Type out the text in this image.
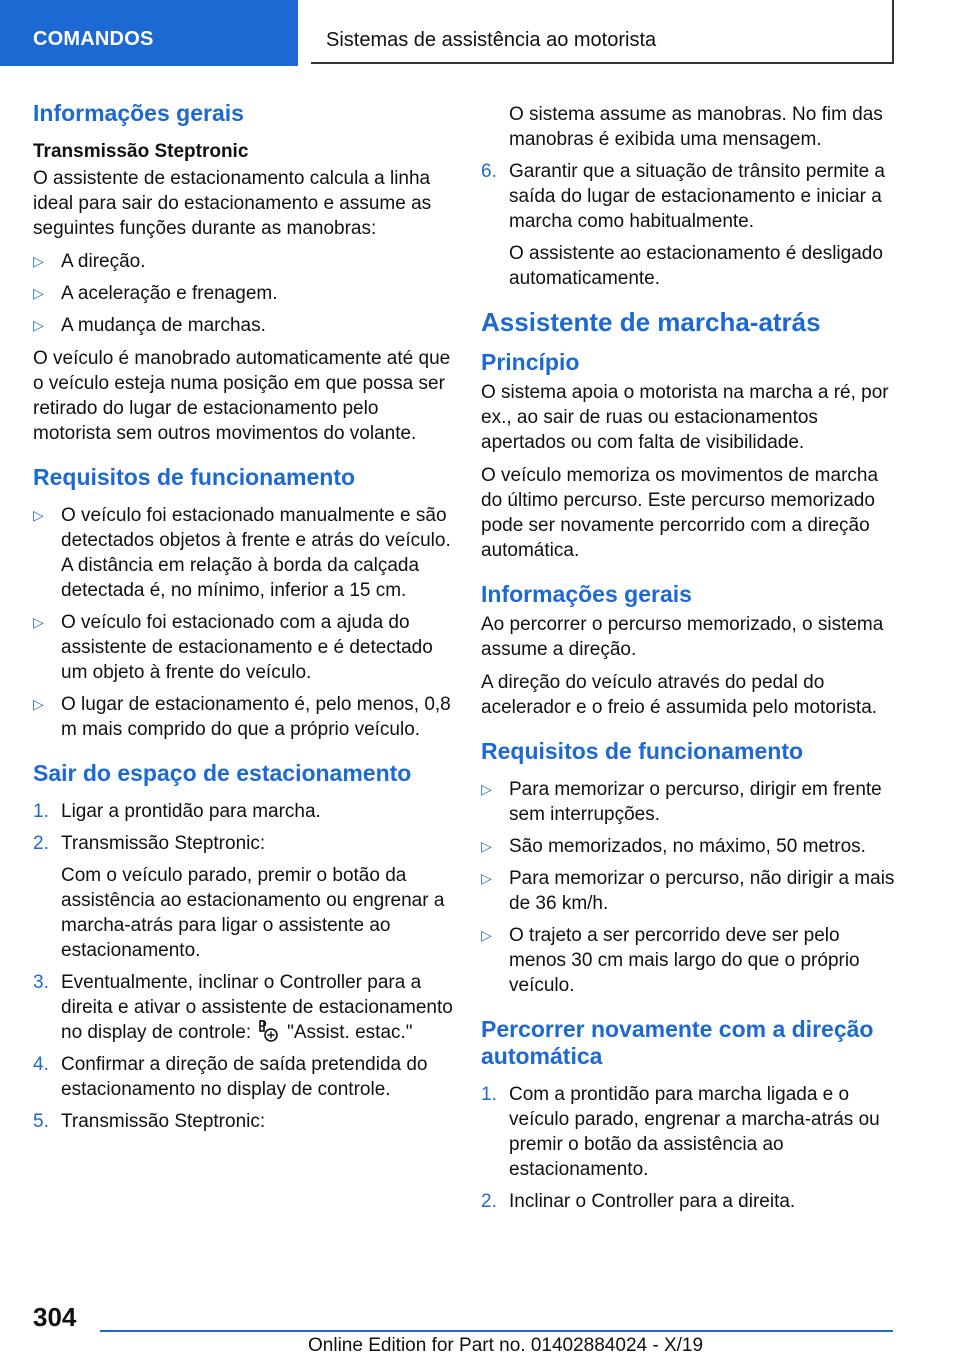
COMANDOS	Sistemas de assistência ao motorista
Informações gerais
Transmissão Steptronic

O assistente de estacionamento calcula a linha ideal para sair do estacionamento e assume as seguintes funções durante as manobras:

▷ A direção.
▷ A aceleração e frenagem.
▷ A mudança de marchas.

O veículo é manobrado automaticamente até que o veículo esteja numa posição em que possa ser retirado do lugar de estacionamento pelo motorista sem outros movimentos do volante.

Requisitos de funcionamento
▷ O veículo foi estacionado manualmente e são detectados objetos à frente e atrás do veículo. A distância em relação à borda da calçada detectada é, no mínimo, inferior a 15 cm.
▷ O veículo foi estacionado com a ajuda do assistente de estacionamento e é detectado um objeto à frente do veículo.
▷ O lugar de estacionamento é, pelo menos, 0,8 m mais comprido do que a próprio veículo.
Sair do espaço de estacionamento
1. Ligar a prontidão para marcha.
2. Transmissão Steptronic:
Com o veículo parado, premir o botão da assistência ao estacionamento ou engrenar a marcha-atrás para ligar o assistente ao estacionamento.
3. Eventualmente, inclinar o Controller para a direita e ativar o assistente de estacionamento no display de controle: "Assist. estac."
4. Confirmar a direção de saída pretendida do estacionamento no display de controle.
5. Transmissão Steptronic:
O sistema assume as manobras. No fim das manobras é exibida uma mensagem.
6. Garantir que a situação de trânsito permite a saída do lugar de estacionamento e iniciar a marcha como habitualmente.
O assistente ao estacionamento é desligado automaticamente.
Assistente de marcha-atrás
Princípio

O sistema apoia o motorista na marcha a ré, por ex., ao sair de ruas ou estacionamentos apertados ou com falta de visibilidade.

O veículo memoriza os movimentos de marcha do último percurso. Este percurso memorizado pode ser novamente percorrido com a direção automática.

Informações gerais

Ao percorrer o percurso memorizado, o sistema assume a direção.

A direção do veículo através do pedal do acelerador e o freio é assumida pelo motorista.

Requisitos de funcionamento
▷ Para memorizar o percurso, dirigir em frente sem interrupções.
▷ São memorizados, no máximo, 50 metros.
▷ Para memorizar o percurso, não dirigir a mais de 36 km/h.
▷ O trajeto a ser percorrido deve ser pelo menos 30 cm mais largo do que o próprio veículo.
Percorrer novamente com a direção automática
1. Com a prontidão para marcha ligada e o veículo parado, engrenar a marcha-atrás ou premir o botão da assistência ao estacionamento.
2. Inclinar o Controller para a direita.
304
Online Edition for Part no. 01402884024 - X/19
